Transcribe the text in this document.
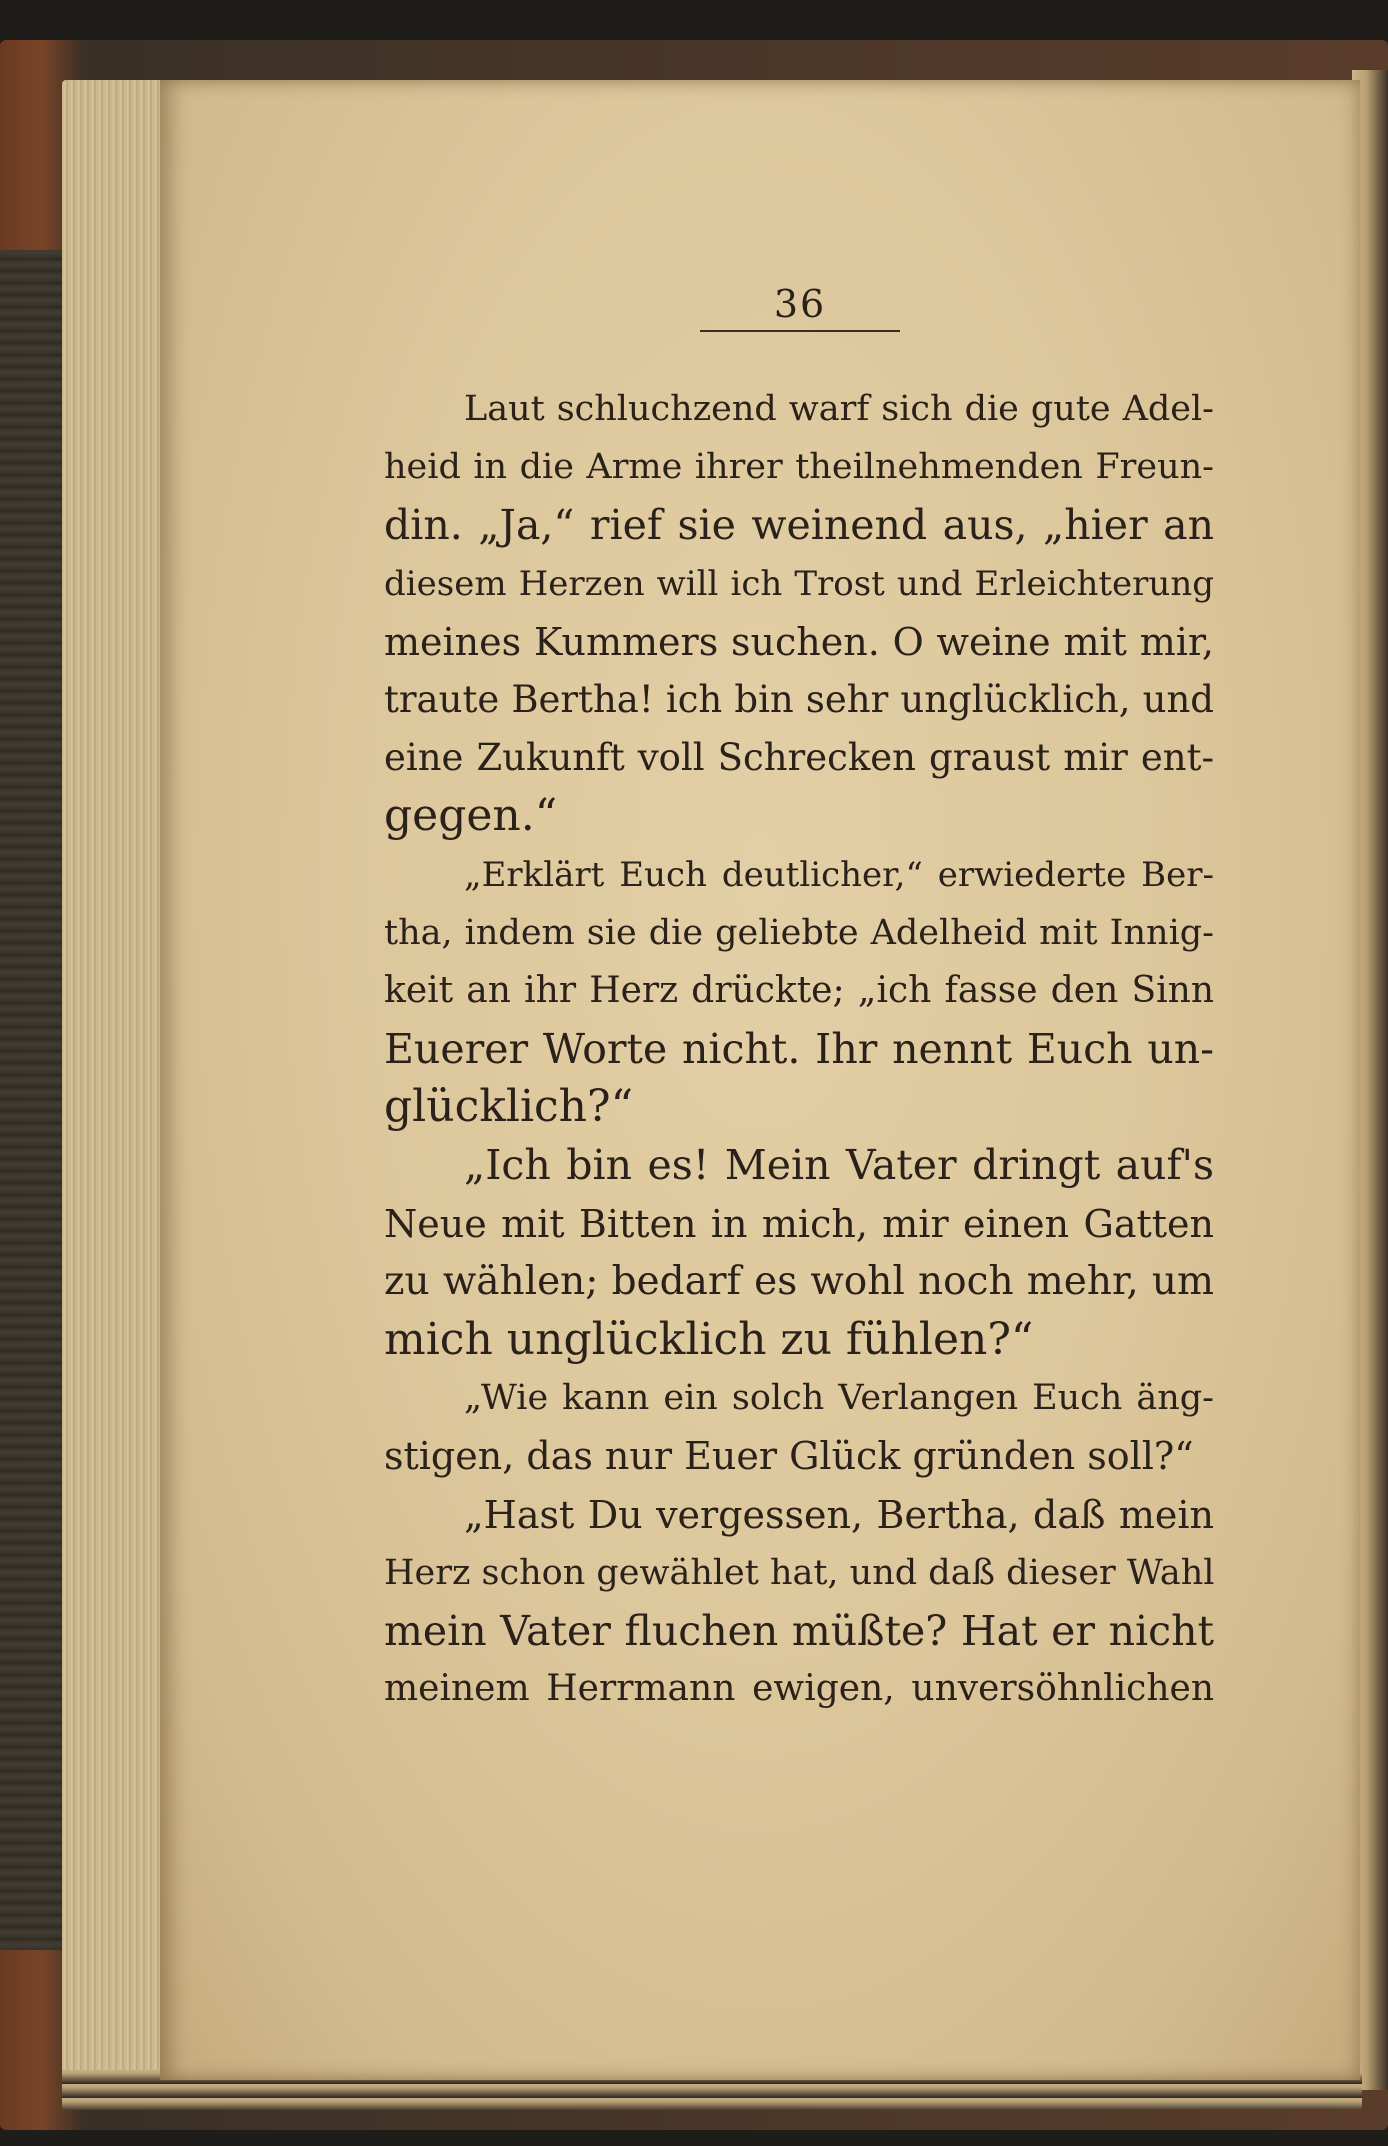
36
Laut schluchzend warf sich die gute Adel-
heid in die Arme ihrer theilnehmenden Freun-
din. „Ja,“ rief sie weinend aus, „hier an
diesem Herzen will ich Trost und Erleichterung
meines Kummers suchen. O weine mit mir,
traute Bertha! ich bin sehr unglücklich, und
eine Zukunft voll Schrecken graust mir ent-
gegen.“
„Erklärt Euch deutlicher,“ erwiederte Ber-
tha, indem sie die geliebte Adelheid mit Innig-
keit an ihr Herz drückte; „ich fasse den Sinn
Euerer Worte nicht. Ihr nennt Euch un-
glücklich?“
„Ich bin es! Mein Vater dringt auf's
Neue mit Bitten in mich, mir einen Gatten
zu wählen; bedarf es wohl noch mehr, um
mich unglücklich zu fühlen?“
„Wie kann ein solch Verlangen Euch äng-
stigen, das nur Euer Glück gründen soll?“
„Hast Du vergessen, Bertha, daß mein
Herz schon gewählet hat, und daß dieser Wahl
mein Vater fluchen müßte? Hat er nicht
meinem Herrmann ewigen, unversöhnlichen
